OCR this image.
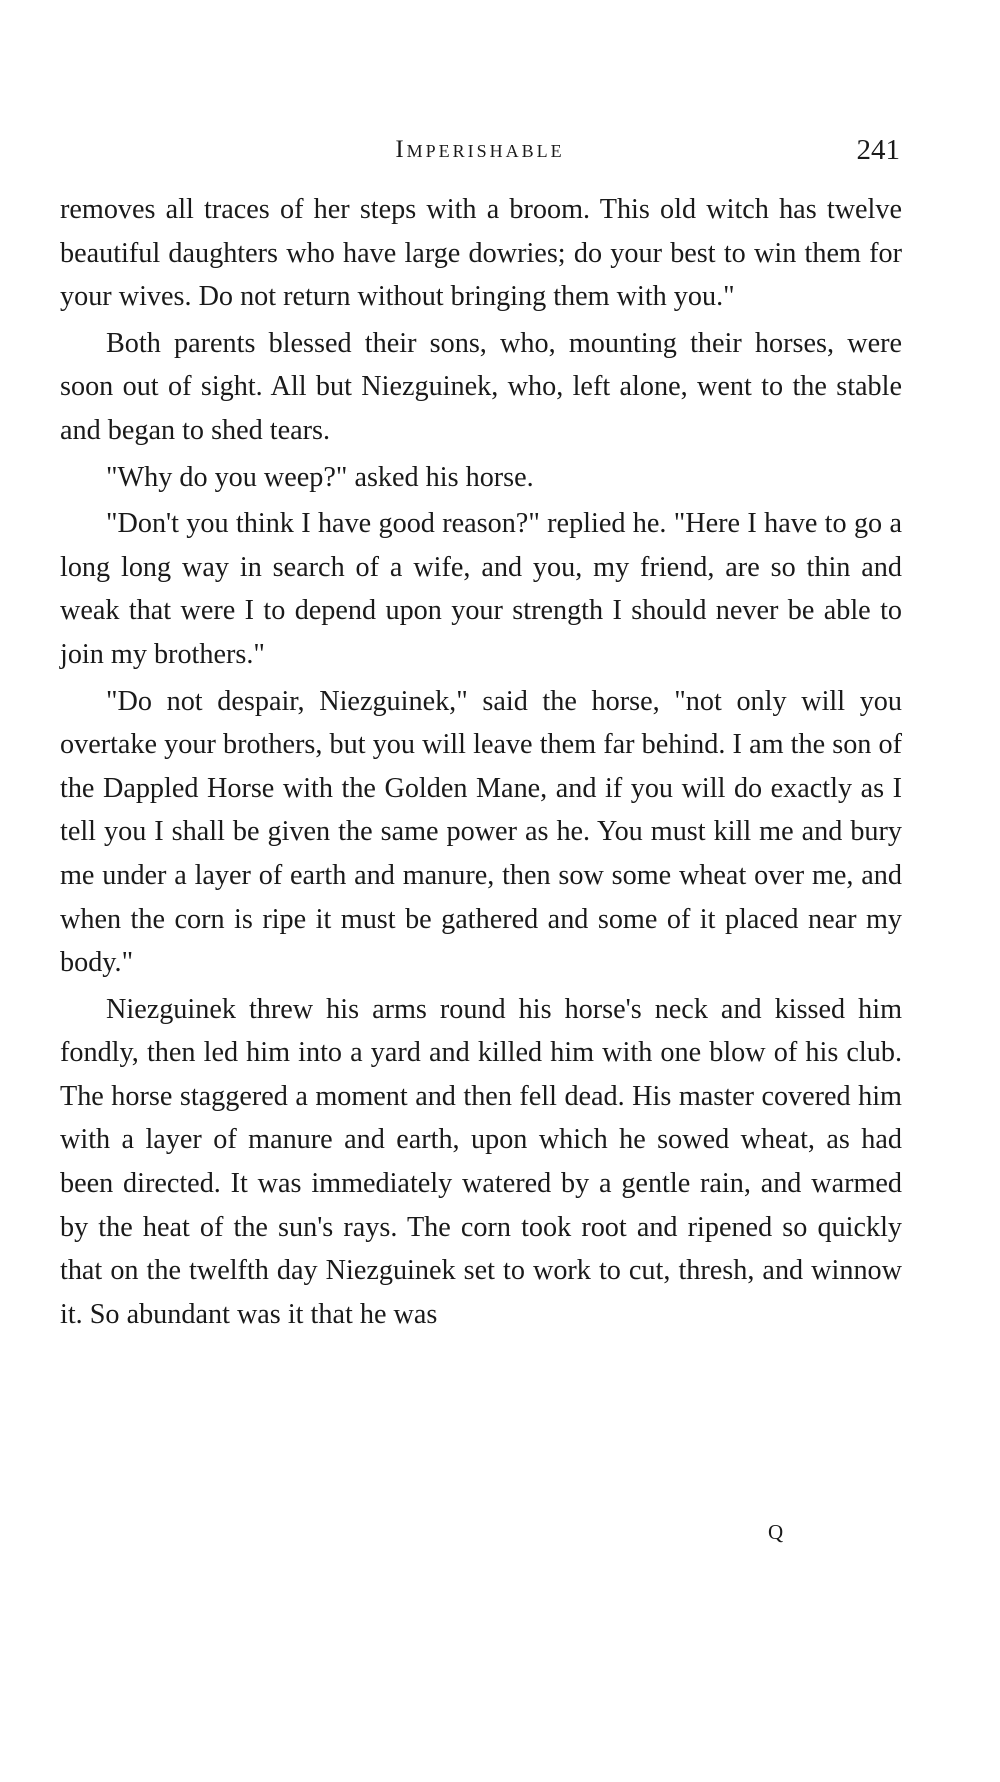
Imperishable	241

removes all traces of her steps with a broom. This old witch has twelve beautiful daughters who have large dowries; do your best to win them for your wives. Do not return without bringing them with you."

Both parents blessed their sons, who, mounting their horses, were soon out of sight. All but Niezguinek, who, left alone, went to the stable and began to shed tears.

"Why do you weep?" asked his horse.

"Don't you think I have good reason?" replied he. "Here I have to go a long long way in search of a wife, and you, my friend, are so thin and weak that were I to depend upon your strength I should never be able to join my brothers."

"Do not despair, Niezguinek," said the horse, "not only will you overtake your brothers, but you will leave them far behind. I am the son of the Dappled Horse with the Golden Mane, and if you will do exactly as I tell you I shall be given the same power as he. You must kill me and bury me under a layer of earth and manure, then sow some wheat over me, and when the corn is ripe it must be gathered and some of it placed near my body."

Niezguinek threw his arms round his horse's neck and kissed him fondly, then led him into a yard and killed him with one blow of his club. The horse staggered a moment and then fell dead. His master covered him with a layer of manure and earth, upon which he sowed wheat, as had been directed. It was immediately watered by a gentle rain, and warmed by the heat of the sun's rays. The corn took root and ripened so quickly that on the twelfth day Niezguinek set to work to cut, thresh, and winnow it. So abundant was it that he was

Q
